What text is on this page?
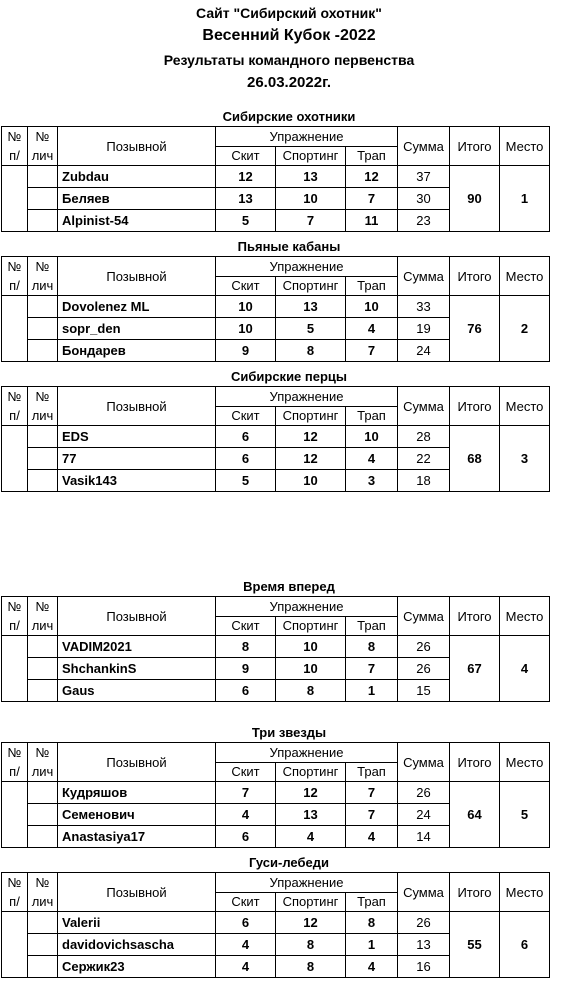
Сайт "Сибирский охотник"
Весенний Кубок -2022
Результаты командного первенства
26.03.2022г.
Сибирские охотники
№ п/	№ лич	Позывной	Упражнение			Сумма	Итого	Место
			Скит	Спортинг	Трап			
		Zubdau	12	13	12	37	90	1
		Беляев	13	10	7	30		
		Alpinist-54	5	7	11	23		
Пьяные кабаны
№ п/	№ лич	Позывной	Упражнение			Сумма	Итого	Место
			Скит	Спортинг	Трап			
		Dovolenez ML	10	13	10	33	76	2
		sopr_den	10	5	4	19		
		Бондарев	9	8	7	24		
Сибирские перцы
№ п/	№ лич	Позывной	Упражнение			Сумма	Итого	Место
			Скит	Спортинг	Трап			
		EDS	6	12	10	28	68	3
		77	6	12	4	22		
		Vasik143	5	10	3	18		
Время вперед
№ п/	№ лич	Позывной	Упражнение			Сумма	Итого	Место
			Скит	Спортинг	Трап			
		VADIM2021	8	10	8	26	67	4
		ShchankinS	9	10	7	26		
		Gaus	6	8	1	15		
Три звезды
№ п/	№ лич	Позывной	Упражнение			Сумма	Итого	Место
			Скит	Спортинг	Трап			
		Кудряшов	7	12	7	26	64	5
		Семенович	4	13	7	24		
		Anastasiya17	6	4	4	14		
Гуси-лебеди
№ п/	№ лич	Позывной	Упражнение			Сумма	Итого	Место
			Скит	Спортинг	Трап			
		Valerii	6	12	8	26	55	6
		davidovichsascha	4	8	1	13		
		Сержик23	4	8	4	16		
